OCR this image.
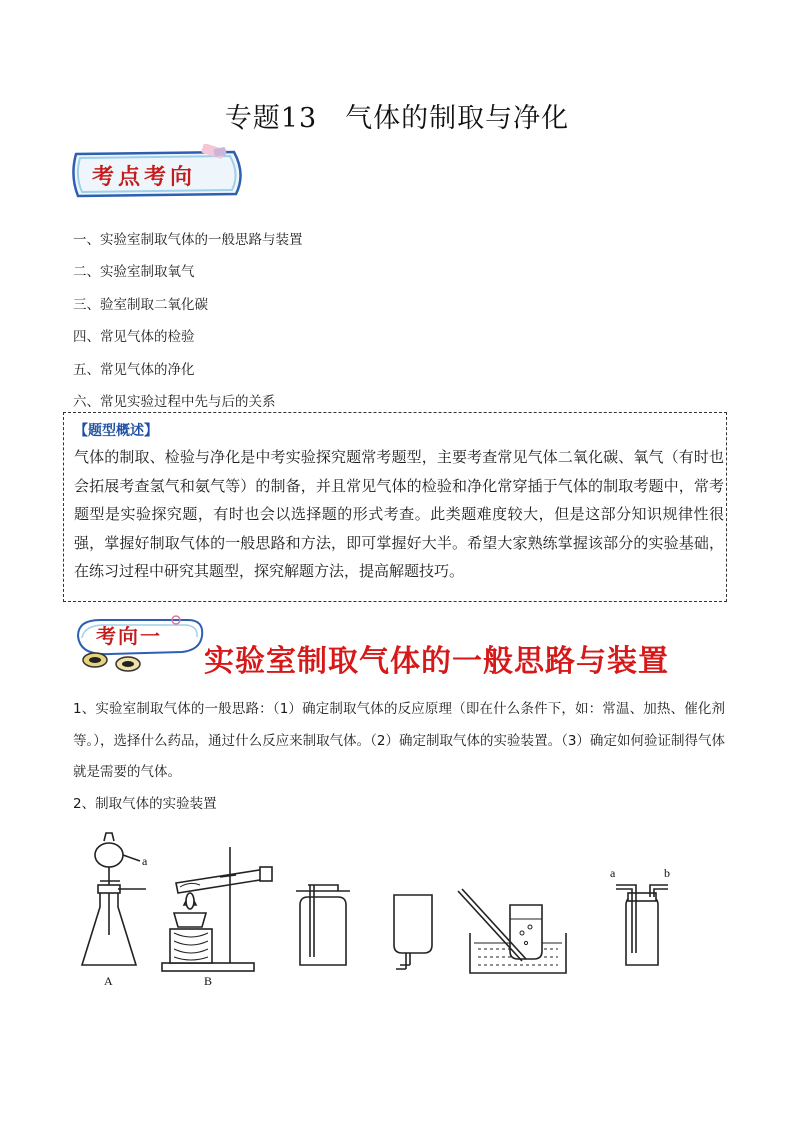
专题13　气体的制取与净化
考点考向
一、实验室制取气体的一般思路与装置
二、实验室制取氧气
三、验室制取二氧化碳
四、常见气体的检验
五、常见气体的净化
六、常见实验过程中先与后的关系
【题型概述】
气体的制取、检验与净化是中考实验探究题常考题型，主要考查常见气体二氧化碳、氧气（有时也会拓展考查氢气和氨气等）的制备，并且常见气体的检验和净化常穿插于气体的制取考题中，常考题型是实验探究题，有时也会以选择题的形式考查。此类题难度较大，但是这部分知识规律性很强，掌握好制取气体的一般思路和方法，即可掌握好大半。希望大家熟练掌握该部分的实验基础，在练习过程中研究其题型，探究解题方法，提高解题技巧。
考向一
实验室制取气体的一般思路与装置
1、实验室制取气体的一般思路：（1）确定制取气体的反应原理（即在什么条件下，如：常温、加热、催化剂等。），选择什么药品，通过什么反应来制取气体。（2）确定制取气体的实验装置。（3）确定如何验证制得气体就是需要的气体。
2、制取气体的实验装置
a
A	B
a	b
